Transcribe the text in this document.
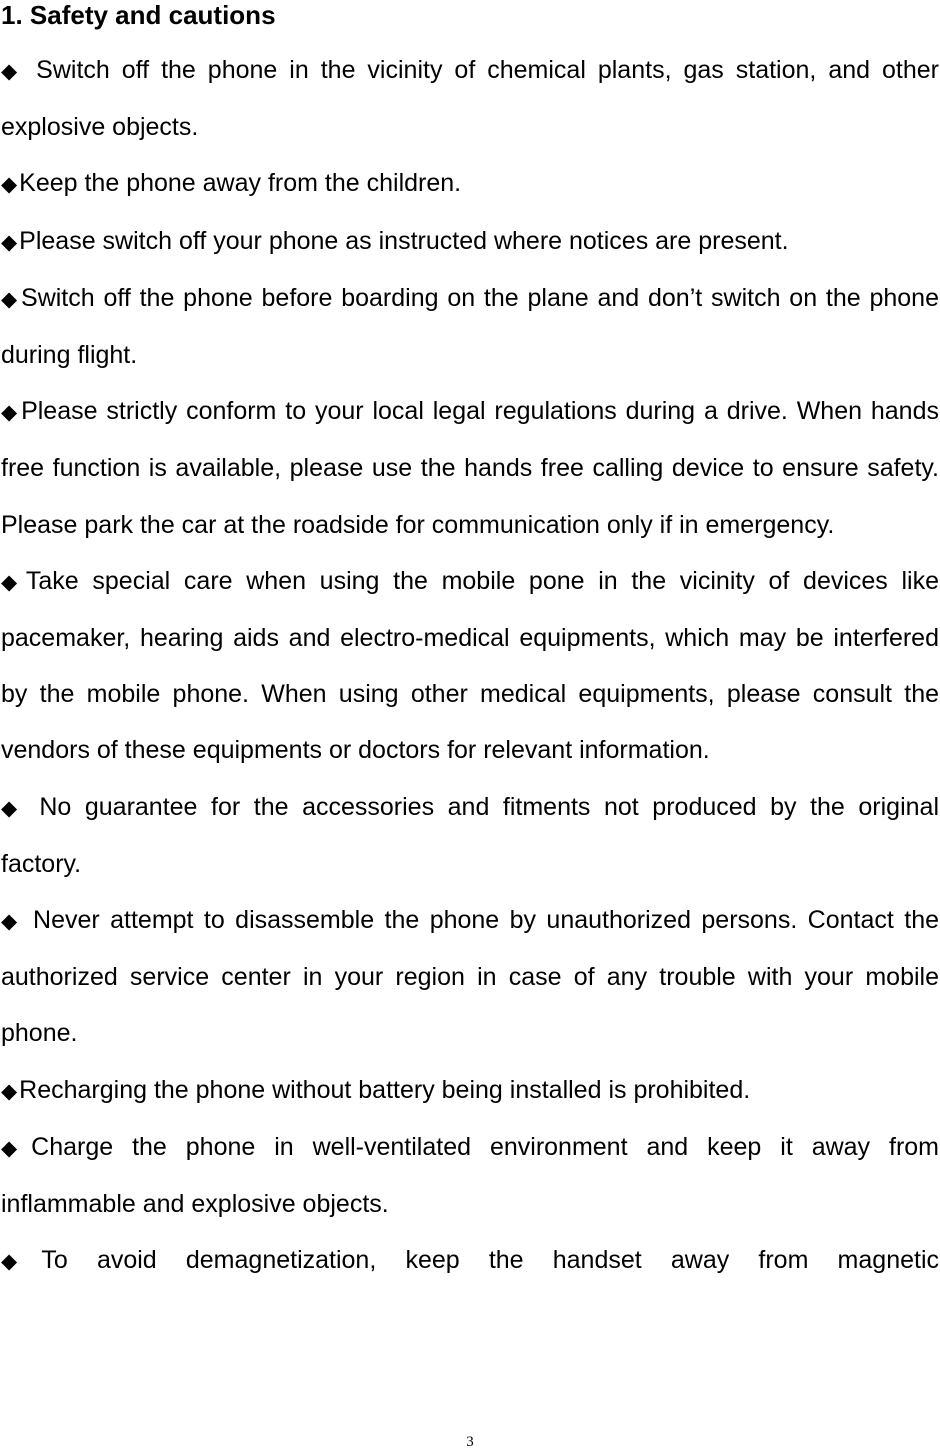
1. Safety and cautions

◆ Switch off the phone in the vicinity of chemical plants, gas station, and other explosive objects.

◆Keep the phone away from the children.

◆Please switch off your phone as instructed where notices are present.

◆Switch off the phone before boarding on the plane and don’t switch on the phone during flight.

◆Please strictly conform to your local legal regulations during a drive. When hands free function is available, please use the hands free calling device to ensure safety. Please park the car at the roadside for communication only if in emergency.

◆Take special care when using the mobile pone in the vicinity of devices like pacemaker, hearing aids and electro-medical equipments, which may be interfered by the mobile phone. When using other medical equipments, please consult the vendors of these equipments or doctors for relevant information.

◆ No guarantee for the accessories and fitments not produced by the original factory.

◆ Never attempt to disassemble the phone by unauthorized persons. Contact the authorized service center in your region in case of any trouble with your mobile phone.

◆Recharging the phone without battery being installed is prohibited.

◆Charge the phone in well-ventilated environment and keep it away from inflammable and explosive objects.

◆To avoid demagnetization, keep the handset away from magnetic

3
